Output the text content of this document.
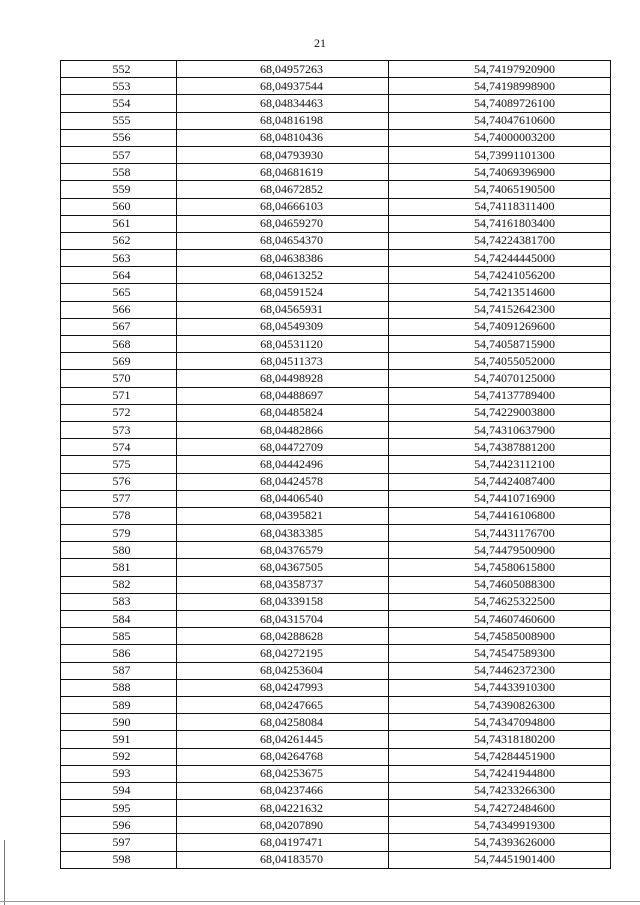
21
552	68,04957263	54,74197920900
553	68,04937544	54,74198998900
554	68,04834463	54,74089726100
555	68,04816198	54,74047610600
556	68,04810436	54,74000003200
557	68,04793930	54,73991101300
558	68,04681619	54,74069396900
559	68,04672852	54,74065190500
560	68,04666103	54,74118311400
561	68,04659270	54,74161803400
562	68,04654370	54,74224381700
563	68,04638386	54,74244445000
564	68,04613252	54,74241056200
565	68,04591524	54,74213514600
566	68,04565931	54,74152642300
567	68,04549309	54,74091269600
568	68,04531120	54,74058715900
569	68,04511373	54,74055052000
570	68,04498928	54,74070125000
571	68,04488697	54,74137789400
572	68,04485824	54,74229003800
573	68,04482866	54,74310637900
574	68,04472709	54,74387881200
575	68,04442496	54,74423112100
576	68,04424578	54,74424087400
577	68,04406540	54,74410716900
578	68,04395821	54,74416106800
579	68,04383385	54,74431176700
580	68,04376579	54,74479500900
581	68,04367505	54,74580615800
582	68,04358737	54,74605088300
583	68,04339158	54,74625322500
584	68,04315704	54,74607460600
585	68,04288628	54,74585008900
586	68,04272195	54,74547589300
587	68,04253604	54,74462372300
588	68,04247993	54,74433910300
589	68,04247665	54,74390826300
590	68,04258084	54,74347094800
591	68,04261445	54,74318180200
592	68,04264768	54,74284451900
593	68,04253675	54,74241944800
594	68,04237466	54,74233266300
595	68,04221632	54,74272484600
596	68,04207890	54,74349919300
597	68,04197471	54,74393626000
598	68,04183570	54,74451901400
